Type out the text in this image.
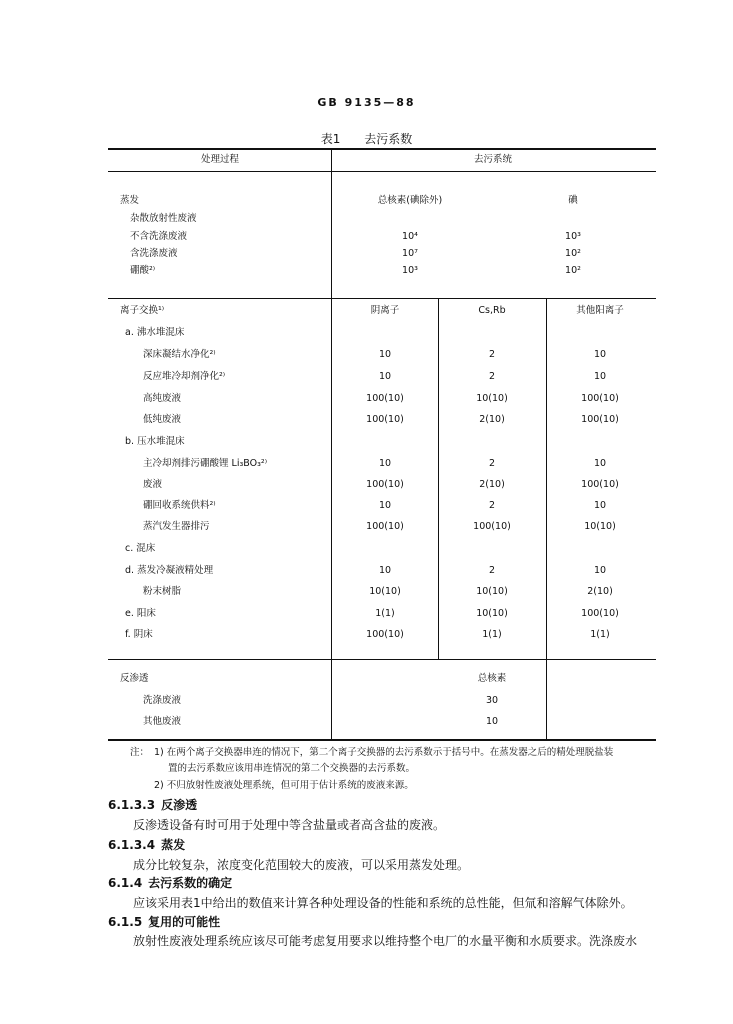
GB 9135—88
表1 去污系数
处理过程	去污系统
蒸发	总核素(碘除外)	碘
杂散放射性废液
不含洗涤废液	10⁴	10³
含洗涤废液	10⁷	10²
硼酸²⁾	10³	10²
离子交换¹⁾	阴离子	Cs,Rb	其他阳离子
a. 沸水堆混床
深床凝结水净化²⁾	10	2	10
反应堆冷却剂净化²⁾	10	2	10
高纯废液	100(10)	10(10)	100(10)
低纯废液	100(10)	2(10)	100(10)
b. 压水堆混床
主冷却剂排污硼酸锂 Li₃BO₃²⁾	10	2	10
废液	100(10)	2(10)	100(10)
硼回收系统供料²⁾	10	2	10
蒸汽发生器排污	100(10)	100(10)	10(10)
c. 混床
d. 蒸发冷凝液精处理	10	2	10
粉末树脂	10(10)	10(10)	2(10)
e. 阳床	1(1)	10(10)	100(10)
f. 阴床	100(10)	1(1)	1(1)
反渗透	总核素
洗涤废液	30
其他废液	10
注： 1) 在两个离子交换器串连的情况下，第二个离子交换器的去污系数示于括号中。在蒸发器之后的精处理脱盐装
置的去污系数应该用串连情况的第二个交换器的去污系数。
2) 不归放射性废液处理系统，但可用于估计系统的废液来源。
6.1.3.3 反渗透
反渗透设备有时可用于处理中等含盐量或者高含盐的废液。
6.1.3.4 蒸发
成分比较复杂，浓度变化范围较大的废液，可以采用蒸发处理。
6.1.4 去污系数的确定
应该采用表1中给出的数值来计算各种处理设备的性能和系统的总性能，但氚和溶解气体除外。
6.1.5 复用的可能性
放射性废液处理系统应该尽可能考虑复用要求以维持整个电厂的水量平衡和水质要求。洗涤废水
